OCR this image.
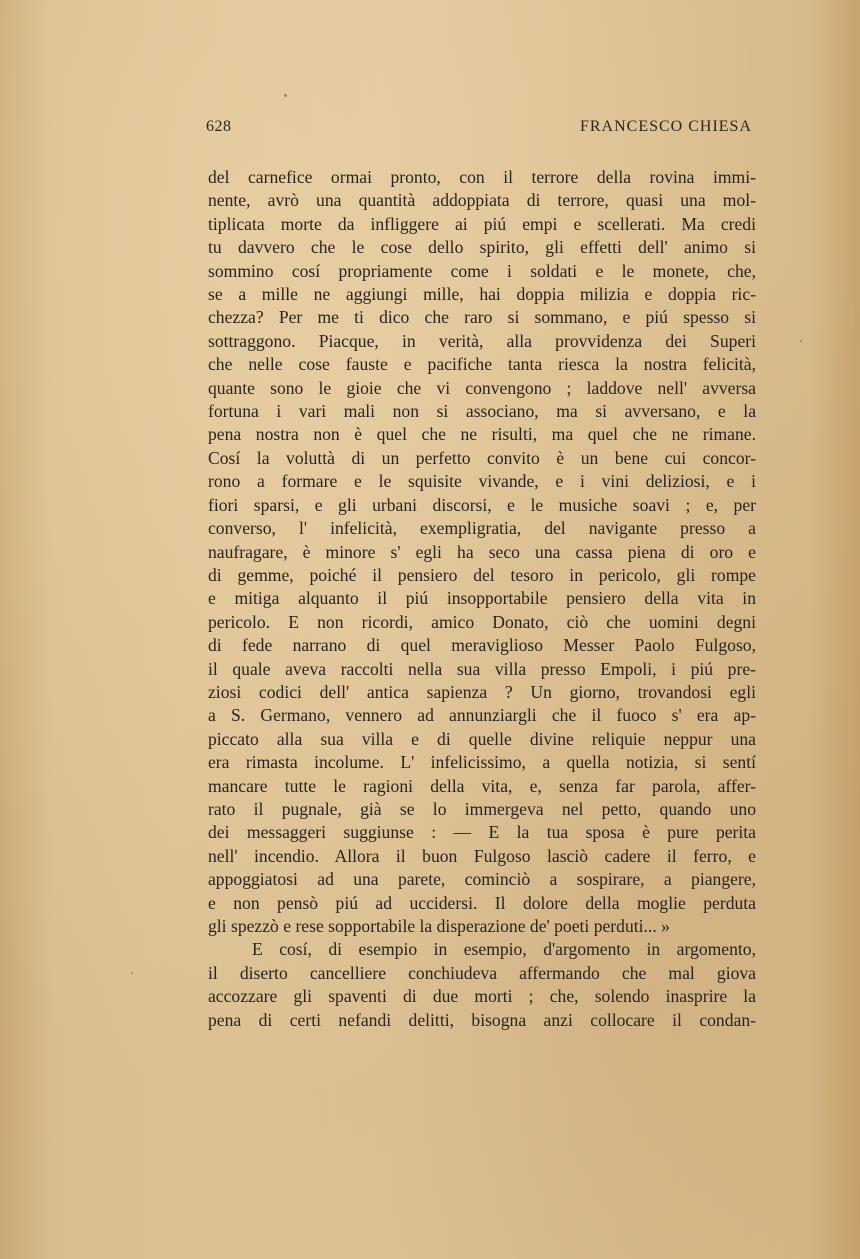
628	FRANCESCO CHIESA
del carnefice ormai pronto, con il terrore della rovina immi-
nente, avrò una quantità addoppiata di terrore, quasi una mol-
tiplicata morte da infliggere ai piú empi e scellerati. Ma credi
tu davvero che le cose dello spirito, gli effetti dell' animo si
sommino cosí propriamente come i soldati e le monete, che,
se a mille ne aggiungi mille, hai doppia milizia e doppia ric-
chezza? Per me ti dico che raro si sommano, e piú spesso si
sottraggono. Piacque, in verità, alla provvidenza dei Superi
che nelle cose fauste e pacifiche tanta riesca la nostra felicità,
quante sono le gioie che vi convengono ; laddove nell' avversa
fortuna i vari mali non si associano, ma si avversano, e la
pena nostra non è quel che ne risulti, ma quel che ne rimane.
Cosí la voluttà di un perfetto convito è un bene cui concor-
rono a formare e le squisite vivande, e i vini deliziosi, e i
fiori sparsi, e gli urbani discorsi, e le musiche soavi ; e, per
converso, l' infelicità, exempligratia, del navigante presso a
naufragare, è minore s' egli ha seco una cassa piena di oro e
di gemme, poiché il pensiero del tesoro in pericolo, gli rompe
e mitiga alquanto il piú insopportabile pensiero della vita in
pericolo. E non ricordi, amico Donato, ciò che uomini degni
di fede narrano di quel meraviglioso Messer Paolo Fulgoso,
il quale aveva raccolti nella sua villa presso Empoli, i piú pre-
ziosi codici dell' antica sapienza ? Un giorno, trovandosi egli
a S. Germano, vennero ad annunziargli che il fuoco s' era ap-
piccato alla sua villa e di quelle divine reliquie neppur una
era rimasta incolume. L' infelicissimo, a quella notizia, si sentí
mancare tutte le ragioni della vita, e, senza far parola, affer-
rato il pugnale, già se lo immergeva nel petto, quando uno
dei messaggeri suggiunse : — E la tua sposa è pure perita
nell' incendio. Allora il buon Fulgoso lasciò cadere il ferro, e
appoggiatosi ad una parete, cominciò a sospirare, a piangere,
e non pensò piú ad uccidersi. Il dolore della moglie perduta
gli spezzò e rese sopportabile la disperazione de' poeti perduti... »
E cosí, di esempio in esempio, d'argomento in argomento,
il diserto cancelliere conchiudeva affermando che mal giova
accozzare gli spaventi di due morti ; che, solendo inasprire la
pena di certi nefandi delitti, bisogna anzi collocare il condan-
